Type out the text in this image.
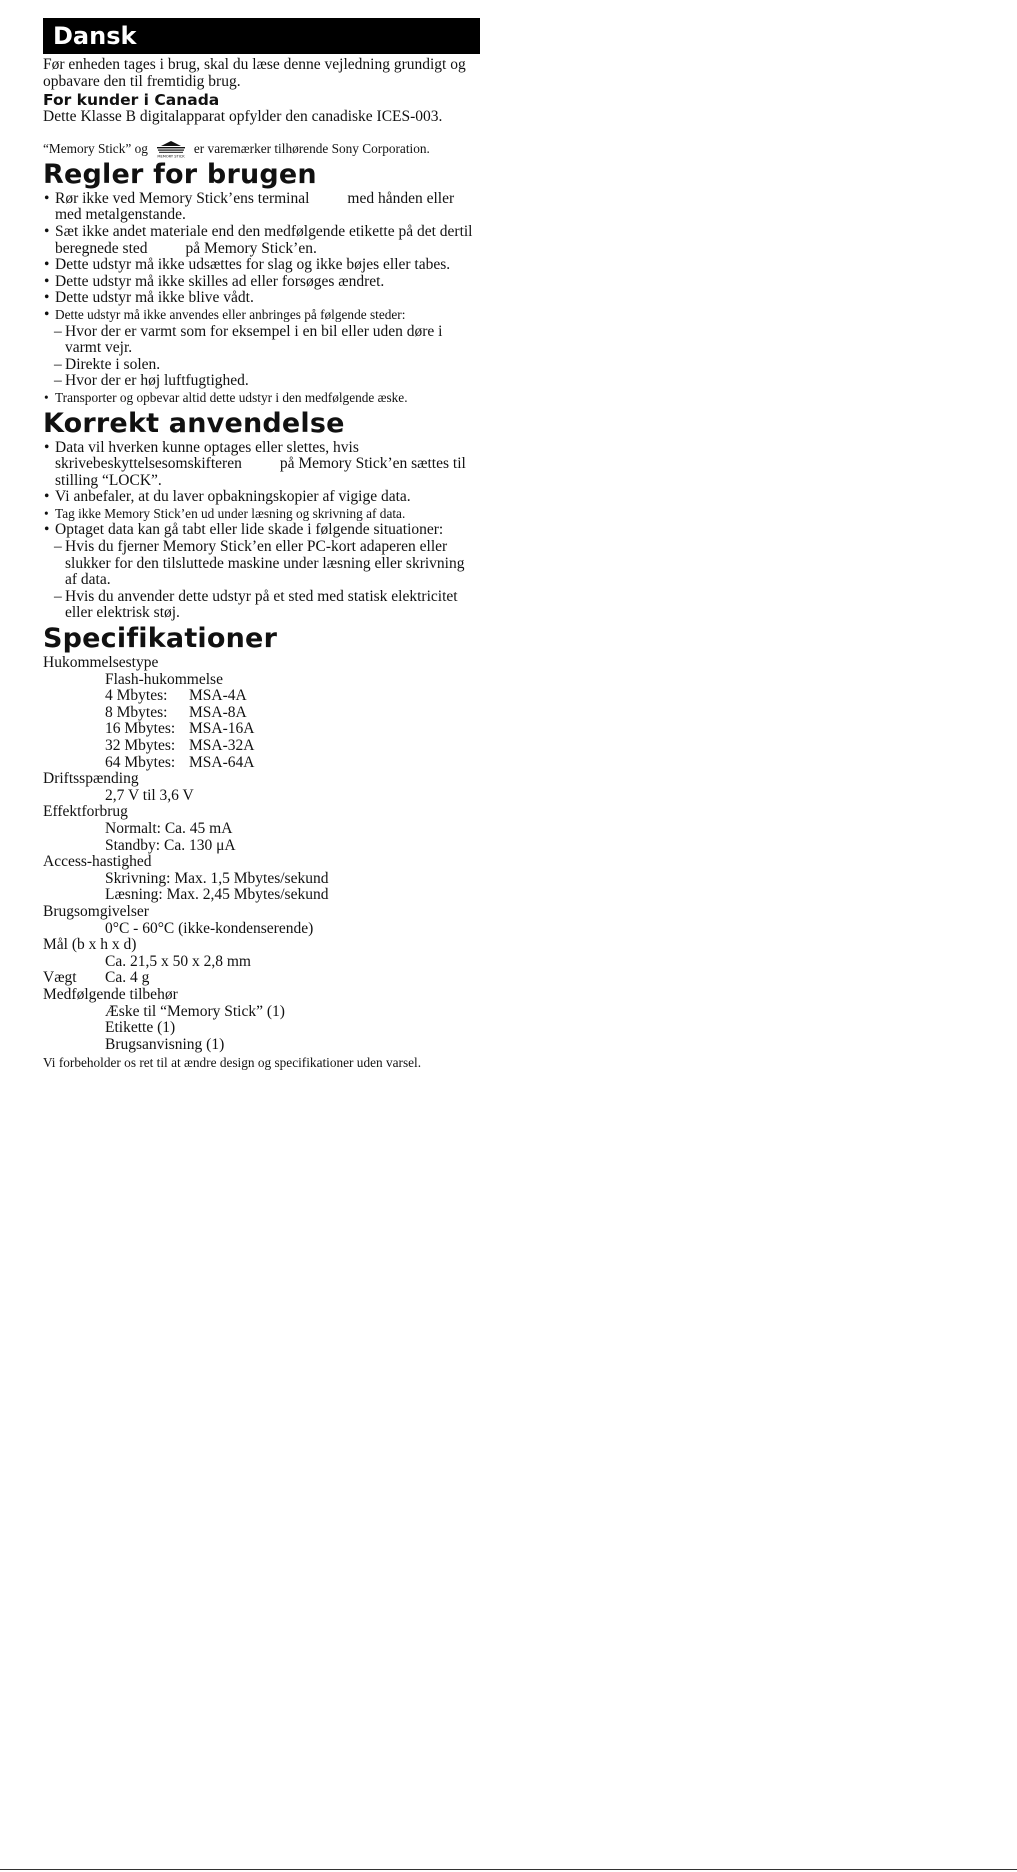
Dansk

Før enheden tages i brug, skal du læse denne vejledning grundigt og opbavare den til fremtidig brug.

For kunder i Canada

Dette Klasse B digitalapparat opfylder den canadiske ICES-003.

“Memory Stick” og
MEMORY STICK
er varemærker tilhørende Sony Corporation.
Regler for brugen
• Rør ikke ved Memory Stick’ens terminal med hånden eller med metalgenstande.
• Sæt ikke andet materiale end den medfølgende etikette på det dertil beregnede sted på Memory Stick’en.
• Dette udstyr må ikke udsættes for slag og ikke bøjes eller tabes.
• Dette udstyr må ikke skilles ad eller forsøges ændret.
• Dette udstyr må ikke blive vådt.
• Dette udstyr må ikke anvendes eller anbringes på følgende steder:
– Hvor der er varmt som for eksempel i en bil eller uden døre i varmt vejr.
– Direkte i solen.
– Hvor der er høj luftfugtighed.
• Transporter og opbevar altid dette udstyr i den medfølgende æske.
Korrekt anvendelse
• Data vil hverken kunne optages eller slettes, hvis skrivebeskyttelsesomskifteren på Memory Stick’en sættes til stilling “LOCK”.
• Vi anbefaler, at du laver opbakningskopier af vigige data.
• Tag ikke Memory Stick’en ud under læsning og skrivning af data.
• Optaget data kan gå tabt eller lide skade i følgende situationer:
– Hvis du fjerner Memory Stick’en eller PC-kort adaperen eller slukker for den tilsluttede maskine under læsning eller skrivning af data.
– Hvis du anvender dette udstyr på et sted med statisk elektricitet eller elektrisk støj.
Specifikationer
Hukommelsestype
Flash-hukommelse
4 Mbytes:	MSA-4A
8 Mbytes:	MSA-8A
16 Mbytes: MSA-16A
32 Mbytes: MSA-32A
64 Mbytes: MSA-64A
Driftsspænding
2,7 V til 3,6 V
Effektforbrug
Normalt: Ca. 45 mA
Standby: Ca. 130 μA
Access-hastighed
Skrivning: Max. 1,5 Mbytes/sekund
Læsning: Max. 2,45 Mbytes/sekund
Brugsomgivelser
0°C - 60°C (ikke-kondenserende)
Mål (b x h x d)
Ca. 21,5 x 50 x 2,8 mm
Vægt	Ca. 4 g
Medfølgende tilbehør
Æske til “Memory Stick” (1)
Etikette (1)
Brugsanvisning (1)

Vi forbeholder os ret til at ændre design og specifikationer uden varsel.
